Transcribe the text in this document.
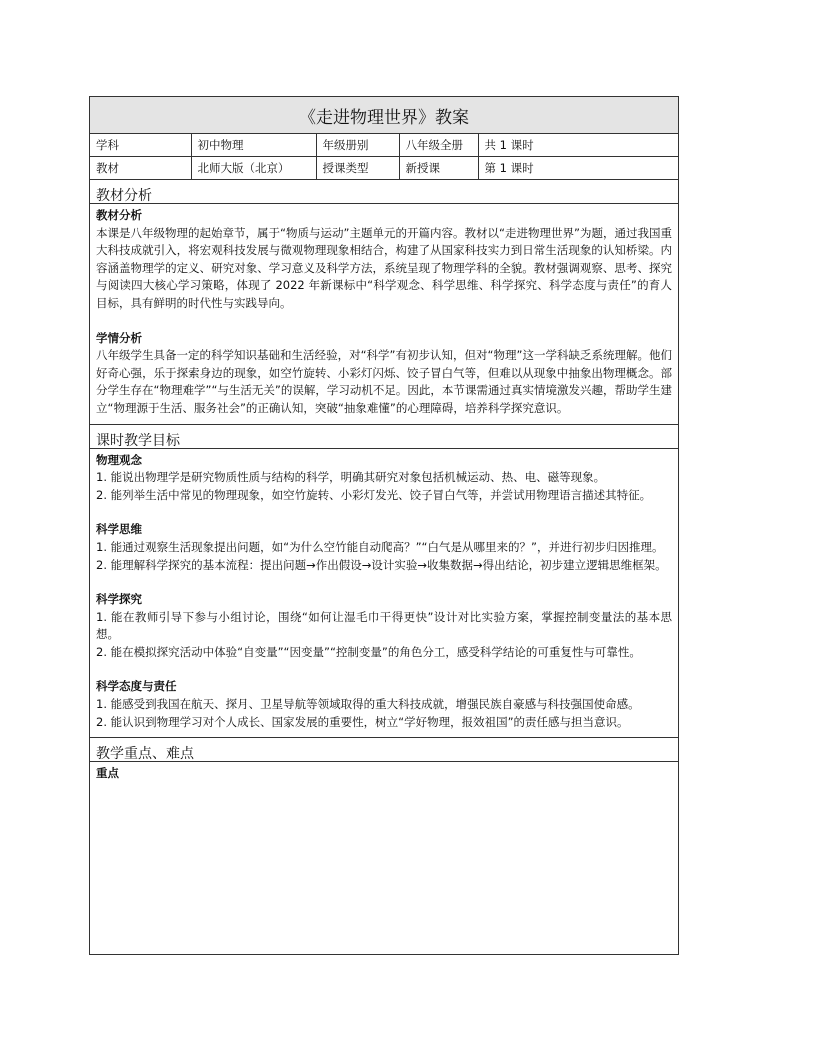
《走进物理世界》教案
学科	初中物理	年级册别	八年级全册	共 1 课时
教材	北师大版（北京）	授课类型	新授课	第 1 课时
教材分析
教材分析
本课是八年级物理的起始章节，属于“物质与运动”主题单元的开篇内容。教材以“走进物理世界”为题，通过我国重大科技成就引入，将宏观科技发展与微观物理现象相结合，构建了从国家科技实力到日常生活现象的认知桥梁。内容涵盖物理学的定义、研究对象、学习意义及科学方法，系统呈现了物理学科的全貌。教材强调观察、思考、探究与阅读四大核心学习策略，体现了 2022 年新课标中“科学观念、科学思维、科学探究、科学态度与责任”的育人目标，具有鲜明的时代性与实践导向。
学情分析
八年级学生具备一定的科学知识基础和生活经验，对“科学”有初步认知，但对“物理”这一学科缺乏系统理解。他们好奇心强，乐于探索身边的现象，如空竹旋转、小彩灯闪烁、饺子冒白气等，但难以从现象中抽象出物理概念。部分学生存在“物理难学”“与生活无关”的误解，学习动机不足。因此，本节课需通过真实情境激发兴趣，帮助学生建立“物理源于生活、服务社会”的正确认知，突破“抽象难懂”的心理障碍，培养科学探究意识。
课时教学目标
物理观念
1. 能说出物理学是研究物质性质与结构的科学，明确其研究对象包括机械运动、热、电、磁等现象。
2. 能列举生活中常见的物理现象，如空竹旋转、小彩灯发光、饺子冒白气等，并尝试用物理语言描述其特征。
科学思维
1. 能通过观察生活现象提出问题，如“为什么空竹能自动爬高？”“白气是从哪里来的？”，并进行初步归因推理。
2. 能理解科学探究的基本流程：提出问题→作出假设→设计实验→收集数据→得出结论，初步建立逻辑思维框架。
科学探究
1. 能在教师引导下参与小组讨论，围绕“如何让湿毛巾干得更快”设计对比实验方案，掌握控制变量法的基本思想。
2. 能在模拟探究活动中体验“自变量”“因变量”“控制变量”的角色分工，感受科学结论的可重复性与可靠性。
科学态度与责任
1. 能感受到我国在航天、探月、卫星导航等领域取得的重大科技成就，增强民族自豪感与科技强国使命感。
2. 能认识到物理学习对个人成长、国家发展的重要性，树立“学好物理，报效祖国”的责任感与担当意识。
教学重点、难点
重点
